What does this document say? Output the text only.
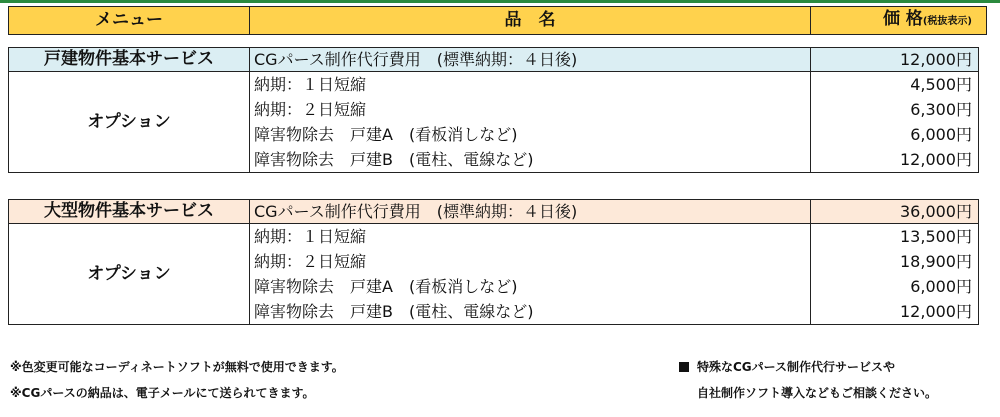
メニュー	品　名	価 格(税抜表示)
戸建物件基本サービス	CGパース制作代行費用　(標準納期：４日後)	12,000円
オプション	納期：１日短縮	4,500円
	納期：２日短縮	6,300円
	障害物除去　戸建A　(看板消しなど)	6,000円
	障害物除去　戸建B　(電柱、電線など)	12,000円
大型物件基本サービス	CGパース制作代行費用　(標準納期：４日後)	36,000円
オプション	納期：１日短縮	13,500円
	納期：２日短縮	18,900円
	障害物除去　戸建A　(看板消しなど)	6,000円
	障害物除去　戸建B　(電柱、電線など)	12,000円
※色変更可能なコーディネートソフトが無料で使用できます。
※CGパースの納品は、電子メールにて送られてきます。
特殊なCGパース制作代行サービスや
自社制作ソフト導入などもご相談ください。
